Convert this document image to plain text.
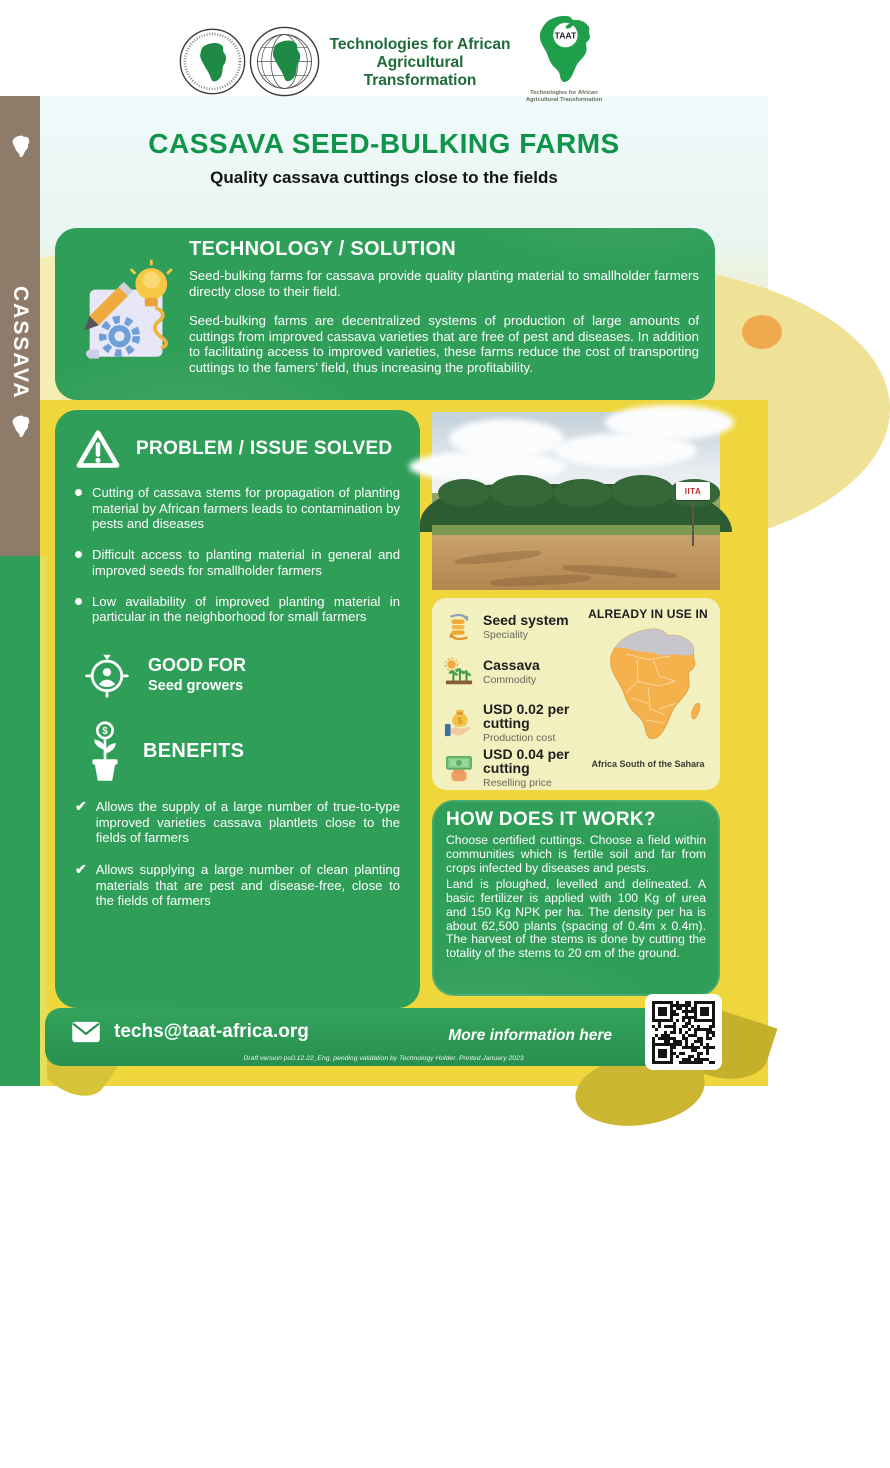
CASSAVA
TECHNOLOGICAL PROCESS
Technologies for African
Agricultural Transformation
TAAT
Technologies for African
Agricultural Transformation
CASSAVA SEED-BULKING FARMS
Quality cassava cuttings close to the fields
TECHNOLOGY / SOLUTION

Seed-bulking farms for cassava provide quality planting material to smallholder farmers directly close to their field.

Seed-bulking farms are decentralized systems of production of large amounts of cuttings from improved cassava varieties that are free of pest and diseases. In addition to facilitating access to improved varieties, these farms reduce the cost of transporting cuttings to the famers’ field, thus increasing the profitability.

PROBLEM / ISSUE SOLVED

Cutting of cassava stems for propagation of planting material by African farmers leads to contamination by pests and diseases

Difficult access to planting material in general and improved seeds for smallholder farmers

Low availability of improved planting material in particular in the neighborhood for small farmers

GOOD FOR
Seed growers
$
BENEFITS
✔ Allows the supply of a large number of true-to-type improved varieties cassava plantlets close to the fields of farmers

✔ Allows supplying a large number of clean planting materials that are pest and disease-free, close to the fields of farmers

IITA
Seed system
Speciality
Cassava
Commodity
$
USD 0.02 per cutting
Production cost
USD 0.04 per cutting
Reselling price
ALREADY IN USE IN
Africa South of the Sahara
HOW DOES IT WORK?

Choose certified cuttings. Choose a field within communities which is fertile soil and far from crops infected by diseases and pests.

Land is ploughed, levelled and delineated. A basic fertilizer is applied with 100 Kg of urea and 150 Kg NPK per ha. The density per ha is about 62,500 plants (spacing of 0.4m x 0.4m). The harvest of the stems is done by cutting the totality of the stems to 20 cm of the ground.

techs@taat-africa.org	More information here
Draft version ps0.12.22_Eng, pending validation by Technology Holder. Printed January 2023
